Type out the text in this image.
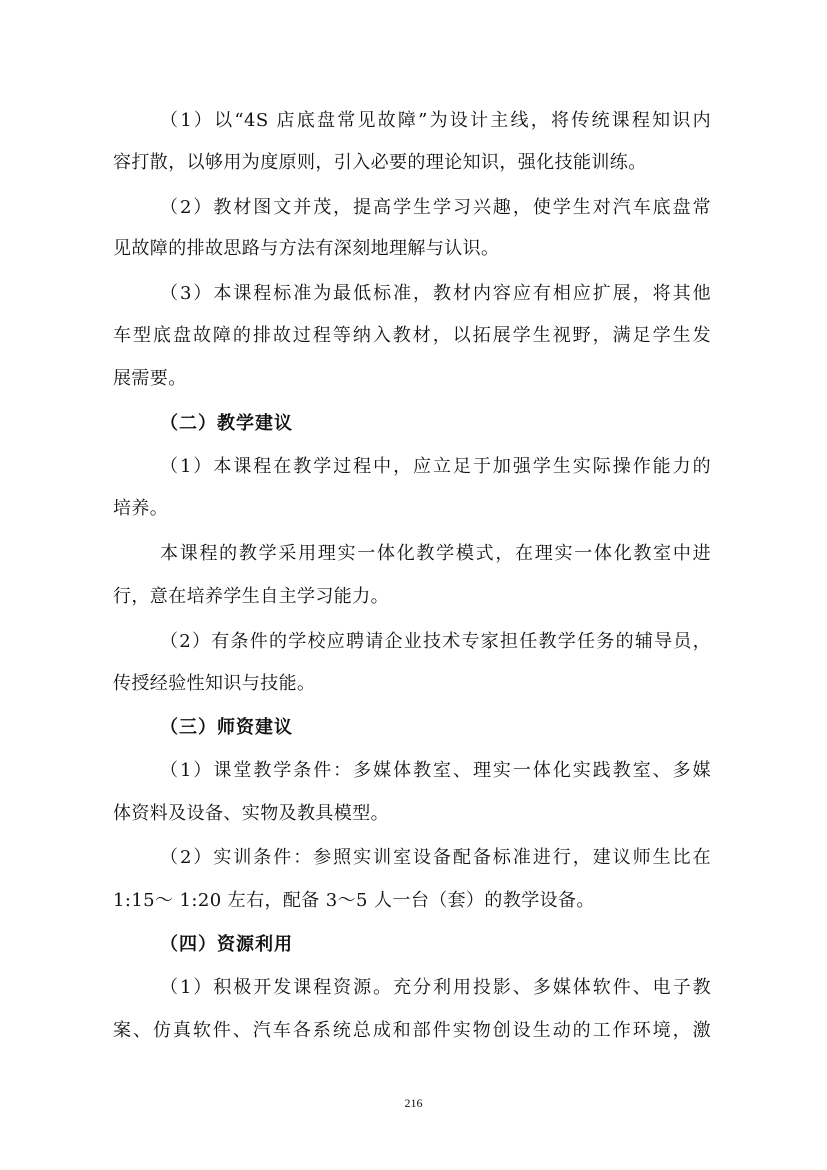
（1）以“4S 店底盘常见故障”为设计主线，将传统课程知识内
容打散，以够用为度原则，引入必要的理论知识，强化技能训练。
（2）教材图文并茂，提高学生学习兴趣，使学生对汽车底盘常
见故障的排故思路与方法有深刻地理解与认识。
（3）本课程标准为最低标准，教材内容应有相应扩展，将其他
车型底盘故障的排故过程等纳入教材，以拓展学生视野，满足学生发
展需要。
（二）教学建议
（1）本课程在教学过程中，应立足于加强学生实际操作能力的
培养。
本课程的教学采用理实一体化教学模式，在理实一体化教室中进
行，意在培养学生自主学习能力。
（2）有条件的学校应聘请企业技术专家担任教学任务的辅导员，
传授经验性知识与技能。
（三）师资建议
（1）课堂教学条件：多媒体教室、理实一体化实践教室、多媒
体资料及设备、实物及教具模型。
（2）实训条件：参照实训室设备配备标准进行，建议师生比在
1:15～ 1:20 左右，配备 3～5 人一台（套）的教学设备。
（四）资源利用
（1）积极开发课程资源。充分利用投影、多媒体软件、电子教
案、仿真软件、汽车各系统总成和部件实物创设生动的工作环境，激
216
